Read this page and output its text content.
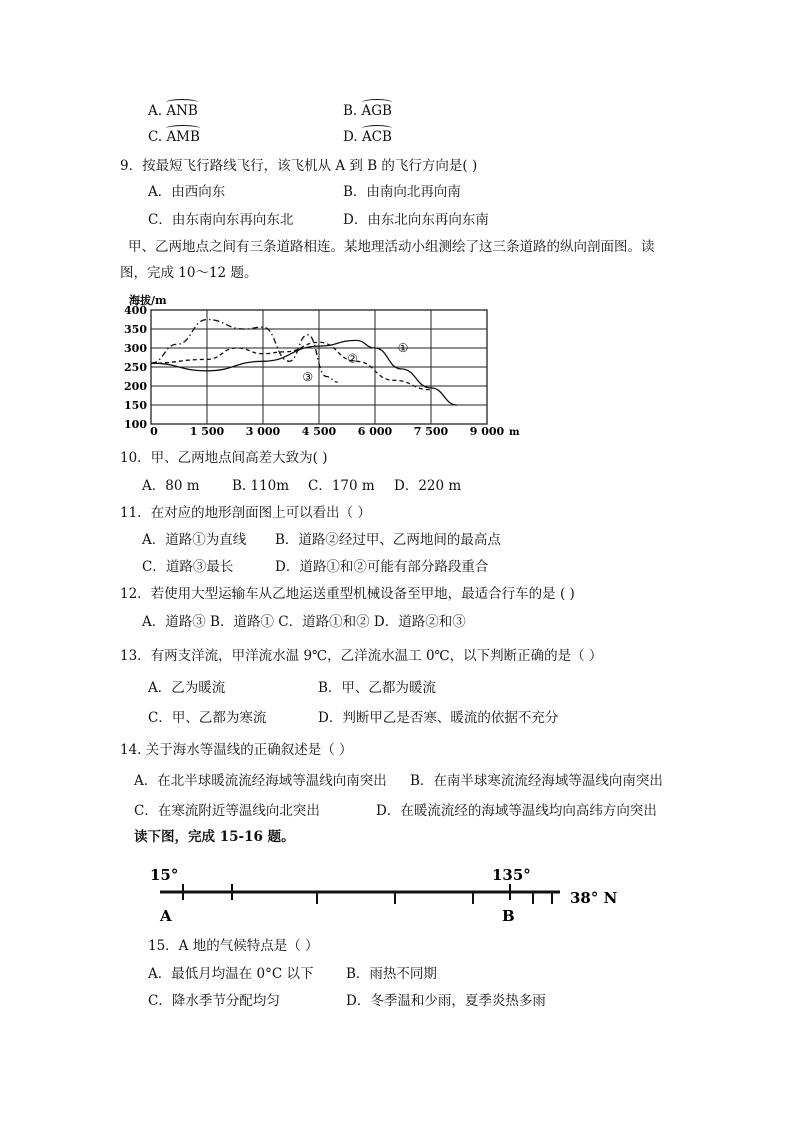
A. ANB	B. AGB
C. AMB	D. ACB
9．按最短飞行路线飞行，该飞机从 A 到 B 的飞行方向是( )
A．由西向东	B．由南向北再向南
C．由东南向东再向东北	D．由东北向东再向东南
甲、乙两地点之间有三条道路相连。某地理活动小组测绘了这三条道路的纵向剖面图。读
图，完成 10～12 题。
400
350
300
250
200
150
100
0	1 500 3 000 4 500 6 000 7 500 9 000
海拔/m
m
①
②
③
10．甲、乙两地点间高差大致为( )
A．80 m B. 110m C．170 m D．220 m
11．在对应的地形剖面图上可以看出（ ）
A．道路①为直线 B．道路②经过甲、乙两地间的最高点
C．道路③最长	D．道路①和②可能有部分路段重合
12．若使用大型运输车从乙地运送重型机械设备至甲地，最适合行车的是 ( )
A．道路③ B．道路① C．道路①和② D．道路②和③
13．有两支洋流，甲洋流水温 9℃，乙洋流水温工 0℃，以下判断正确的是（ ）
A．乙为暖流	B．甲、乙都为暖流
C．甲、乙都为寒流	D．判断甲乙是否寒、暖流的依据不充分
14. 关于海水等温线的正确叙述是（ ）
A．在北半球暖流流经海域等温线向南突出 B．在南半球寒流流经海域等温线向南突出
C．在寒流附近等温线向北突出	D．在暖流流经的海域等温线均向高纬方向突出
读下图，完成 15-16 题。
15°	135°
38° N
A	B
15．A 地的气候特点是（ ）
A．最低月均温在 0°C 以下 B．雨热不同期
C．降水季节分配均匀	D．冬季温和少雨，夏季炎热多雨
